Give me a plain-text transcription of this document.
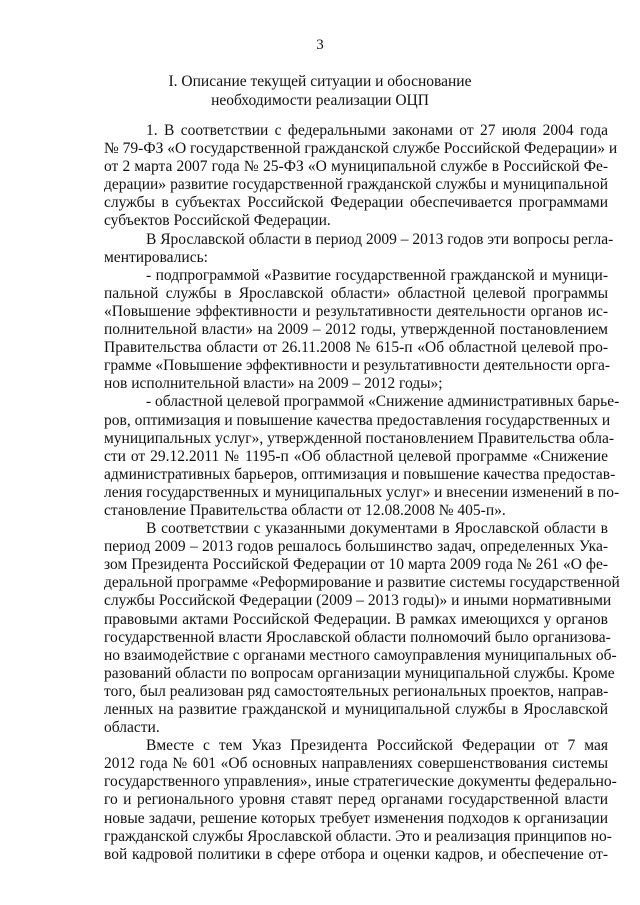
3
I. Описание текущей ситуации и обоснование
необходимости реализации ОЦП

1. В соответствии с федеральными законами от 27 июля 2004 года
№ 79-ФЗ «О государственной гражданской службе Российской Федерации» и
от 2 марта 2007 года № 25-ФЗ «О муниципальной службе в Российской Фе-
дерации» развитие государственной гражданской службы и муниципальной
службы в субъектах Российской Федерации обеспечивается программами
субъектов Российской Федерации.

В Ярославской области в период 2009 – 2013 годов эти вопросы регла-
ментировались:

- подпрограммой «Развитие государственной гражданской и муници-
пальной службы в Ярославской области» областной целевой программы
«Повышение эффективности и результативности деятельности органов ис-
полнительной власти» на 2009 – 2012 годы, утвержденной постановлением
Правительства области от 26.11.2008 № 615-п «Об областной целевой про-
грамме «Повышение эффективности и результативности деятельности орга-
нов исполнительной власти» на 2009 – 2012 годы»;

- областной целевой программой «Снижение административных барье-
ров, оптимизация и повышение качества предоставления государственных и
муниципальных услуг», утвержденной постановлением Правительства обла-
сти от 29.12.2011 № 1195-п «Об областной целевой программе «Снижение
административных барьеров, оптимизация и повышение качества предостав-
ления государственных и муниципальных услуг» и внесении изменений в по-
становление Правительства области от 12.08.2008 № 405-п».

В соответствии с указанными документами в Ярославской области в
период 2009 – 2013 годов решалось большинство задач, определенных Ука-
зом Президента Российской Федерации от 10 марта 2009 года № 261 «О фе-
деральной программе «Реформирование и развитие системы государственной
службы Российской Федерации (2009 – 2013 годы)» и иными нормативными
правовыми актами Российской Федерации. В рамках имеющихся у органов
государственной власти Ярославской области полномочий было организова-
но взаимодействие с органами местного самоуправления муниципальных об-
разований области по вопросам организации муниципальной службы. Кроме
того, был реализован ряд самостоятельных региональных проектов, направ-
ленных на развитие гражданской и муниципальной службы в Ярославской
области.

Вместе с тем Указ Президента Российской Федерации от 7 мая
2012 года № 601 «Об основных направлениях совершенствования системы
государственного управления», иные стратегические документы федерально-
го и регионального уровня ставят перед органами государственной власти
новые задачи, решение которых требует изменения подходов к организации
гражданской службы Ярославской области. Это и реализация принципов но-
вой кадровой политики в сфере отбора и оценки кадров, и обеспечение от-
